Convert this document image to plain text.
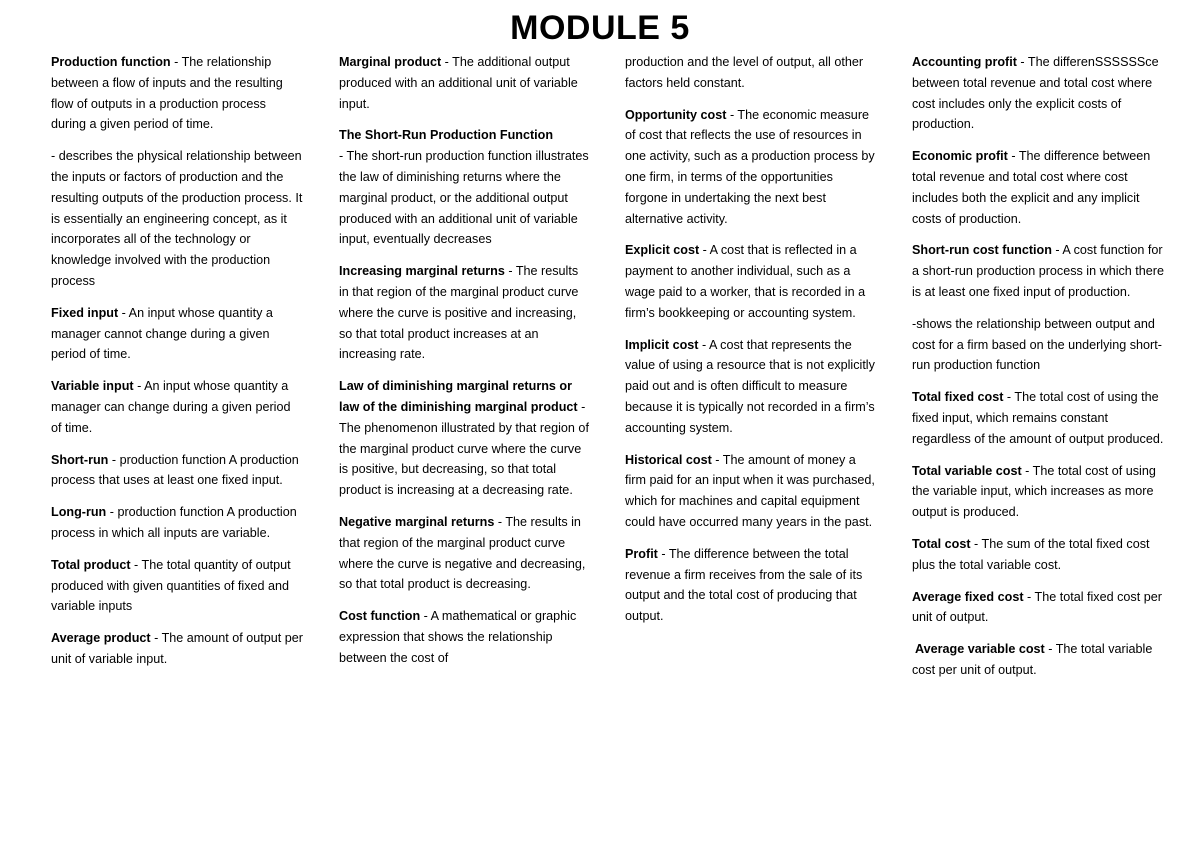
MODULE 5

Production function - The relationship between a flow of inputs and the resulting flow of outputs in a production process during a given period of time.

- describes the physical relationship between the inputs or factors of production and the resulting outputs of the production process. It is essentially an engineering concept, as it incorporates all of the technology or knowledge involved with the production process

Fixed input - An input whose quantity a manager cannot change during a given period of time.

Variable input - An input whose quantity a manager can change during a given period of time.

Short-run - production function A production process that uses at least one fixed input.

Long-run - production function A production process in which all inputs are variable.

Total product - The total quantity of output produced with given quantities of fixed and variable inputs

Average product - The amount of output per unit of variable input.

Marginal product - The additional output produced with an additional unit of variable input.

The Short-Run Production Function
- The short-run production function illustrates the law of diminishing returns where the marginal product, or the additional output produced with an additional unit of variable input, eventually decreases

Increasing marginal returns - The results in that region of the marginal product curve where the curve is positive and increasing, so that total product increases at an increasing rate.

Law of diminishing marginal returns or law of the diminishing marginal product - The phenomenon illustrated by that region of the marginal product curve where the curve is positive, but decreasing, so that total product is increasing at a decreasing rate.

Negative marginal returns - The results in that region of the marginal product curve where the curve is negative and decreasing, so that total product is decreasing.

Cost function - A mathematical or graphic expression that shows the relationship between the cost of

production and the level of output, all other factors held constant.

Opportunity cost - The economic measure of cost that reflects the use of resources in one activity, such as a production process by one firm, in terms of the opportunities forgone in undertaking the next best alternative activity.

Explicit cost - A cost that is reflected in a payment to another individual, such as a wage paid to a worker, that is recorded in a firm’s bookkeeping or accounting system.

Implicit cost - A cost that represents the value of using a resource that is not explicitly paid out and is often difficult to measure because it is typically not recorded in a firm’s accounting system.

Historical cost - The amount of money a firm paid for an input when it was purchased, which for machines and capital equipment could have occurred many years in the past.

Profit - The difference between the total revenue a firm receives from the sale of its output and the total cost of producing that output.

Accounting profit - The differenSSSSSSce between total revenue and total cost where cost includes only the explicit costs of production.

Economic profit - The difference between total revenue and total cost where cost includes both the explicit and any implicit costs of production.

Short-run cost function - A cost function for a short-run production process in which there is at least one fixed input of production.

-shows the relationship between output and cost for a firm based on the underlying short-run production function

Total fixed cost - The total cost of using the fixed input, which remains constant regardless of the amount of output produced.

Total variable cost - The total cost of using the variable input, which increases as more output is produced.

Total cost - The sum of the total fixed cost plus the total variable cost.

Average fixed cost - The total fixed cost per unit of output.

Average variable cost - The total variable cost per unit of output.
